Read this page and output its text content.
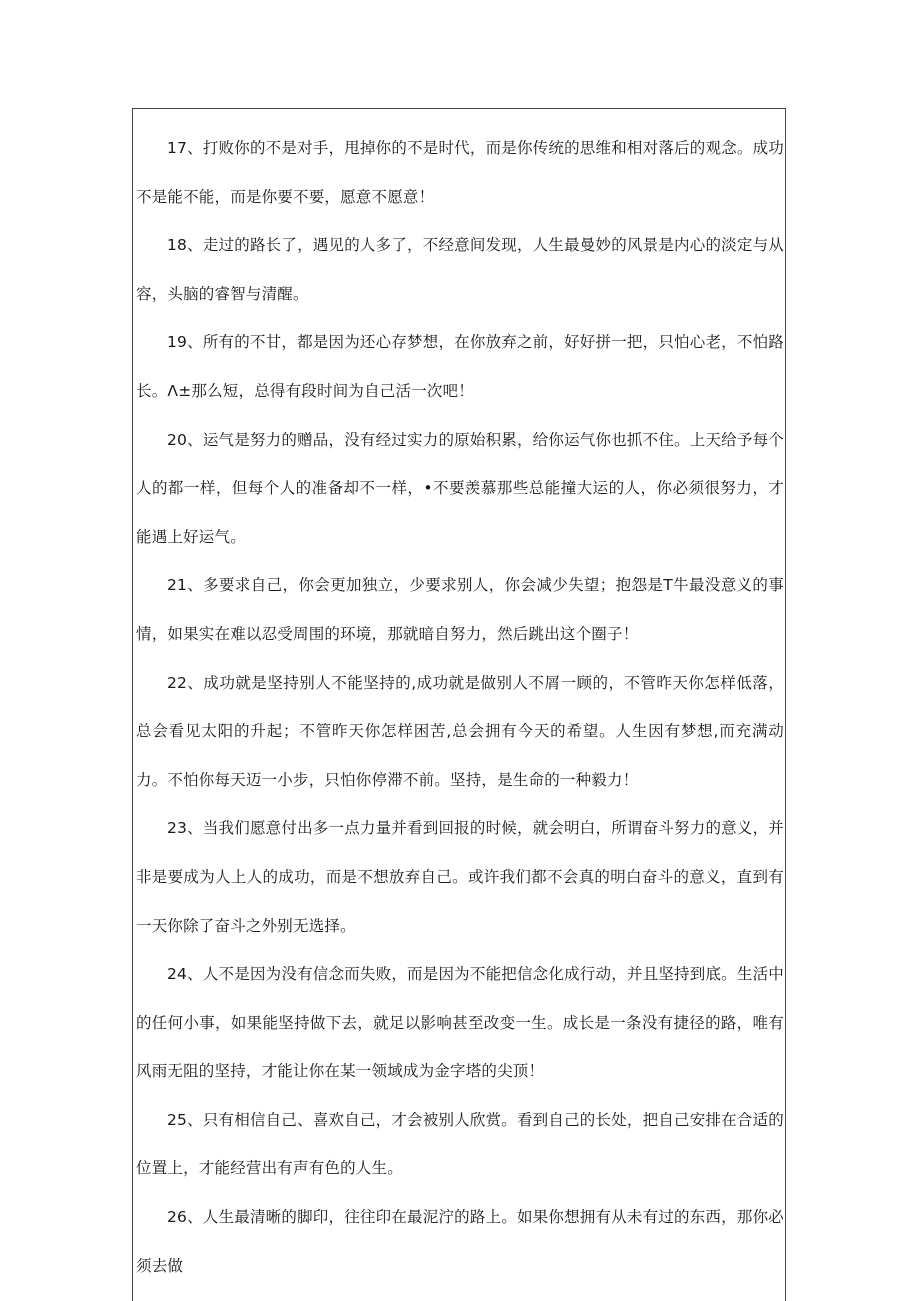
17、打败你的不是对手，甩掉你的不是时代，而是你传统的思维和相对落后的观念。成功不是能不能，而是你要不要，愿意不愿意！

18、走过的路长了，遇见的人多了，不经意间发现，人生最曼妙的风景是内心的淡定与从容，头脑的睿智与清醒。

19、所有的不甘，都是因为还心存梦想，在你放弃之前，好好拼一把，只怕心老，不怕路长。Λ±那么短，总得有段时间为自己活一次吧！

20、运气是努力的赠品，没有经过实力的原始积累，给你运气你也抓不住。上天给予每个人的都一样，但每个人的准备却不一样，•不要羡慕那些总能撞大运的人，你必须很努力，才能遇上好运气。

21、多要求自己，你会更加独立，少要求别人，你会减少失望；抱怨是T牛最没意义的事情，如果实在难以忍受周围的环境，那就暗自努力，然后跳出这个圈子！

22、成功就是坚持别人不能坚持的,成功就是做别人不屑一顾的，不管昨天你怎样低落，总会看见太阳的升起；不管昨天你怎样困苦,总会拥有今天的希望。人生因有梦想,而充满动力。不怕你每天迈一小步，只怕你停滞不前。坚持，是生命的一种毅力！

23、当我们愿意付出多一点力量并看到回报的时候，就会明白，所谓奋斗努力的意义，并非是要成为人上人的成功，而是不想放弃自己。或许我们都不会真的明白奋斗的意义，直到有一天你除了奋斗之外别无选择。

24、人不是因为没有信念而失败，而是因为不能把信念化成行动，并且坚持到底。生活中的任何小事，如果能坚持做下去，就足以影响甚至改变一生。成长是一条没有捷径的路，唯有风雨无阻的坚持，才能让你在某一领域成为金字塔的尖顶！

25、只有相信自己、喜欢自己，才会被别人欣赏。看到自己的长处，把自己安排在合适的位置上，才能经营出有声有色的人生。

26、人生最清晰的脚印，往往印在最泥泞的路上。如果你想拥有从未有过的东西，那你必须去做
